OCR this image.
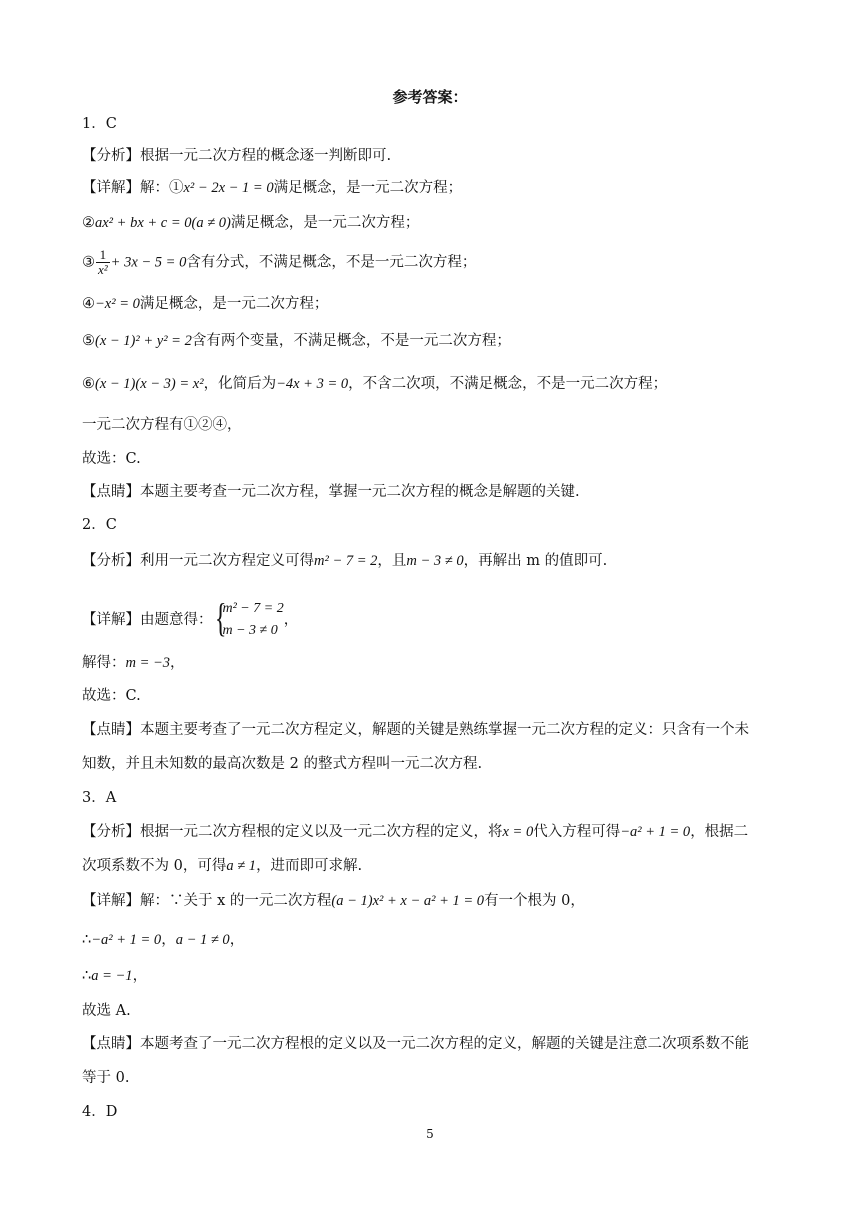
参考答案：
1．C
【分析】根据一元二次方程的概念逐一判断即可.
【详解】解：①x² − 2x − 1 = 0满足概念，是一元二次方程；
②ax² + bx + c = 0(a ≠ 0)满足概念，是一元二次方程；
③ $\frac{1}{\text{x²}} + 3x - 5 = 0$含有分式，不满足概念，不是一元二次方程；
④−x² = 0满足概念，是一元二次方程；
⑤(x − 1)² + y² = 2含有两个变量，不满足概念，不是一元二次方程；
⑥(x − 1)(x − 3) = x²，化简后为−4x + 3 = 0，不含二次项，不满足概念，不是一元二次方程；
一元二次方程有①②④，
故选：C.
【点睛】本题主要考查一元二次方程，掌握一元二次方程的概念是解题的关键.
2．C
【分析】利用一元二次方程定义可得m² − 7 = 2，且m − 3 ≠ 0，再解出 m 的值即可.
【详解】由题意得： {
m² − 7 = 2
m − 3 ≠ 0
，
解得：m = −3，
故选：C.
【点睛】本题主要考查了一元二次方程定义，解题的关键是熟练掌握一元二次方程的定义：只含有一个未
知数，并且未知数的最高次数是 2 的整式方程叫一元二次方程.
3．A
【分析】根据一元二次方程根的定义以及一元二次方程的定义，将x = 0代入方程可得−a² + 1 = 0，根据二
次项系数不为 0，可得a ≠ 1，进而即可求解.
【详解】解：∵关于 x 的一元二次方程(a − 1)x² + x − a² + 1 = 0有一个根为 0，
∴−a² + 1 = 0，a − 1 ≠ 0，
∴a = −1，
故选 A.
【点睛】本题考查了一元二次方程根的定义以及一元二次方程的定义，解题的关键是注意二次项系数不能
等于 0.
4．D
5
